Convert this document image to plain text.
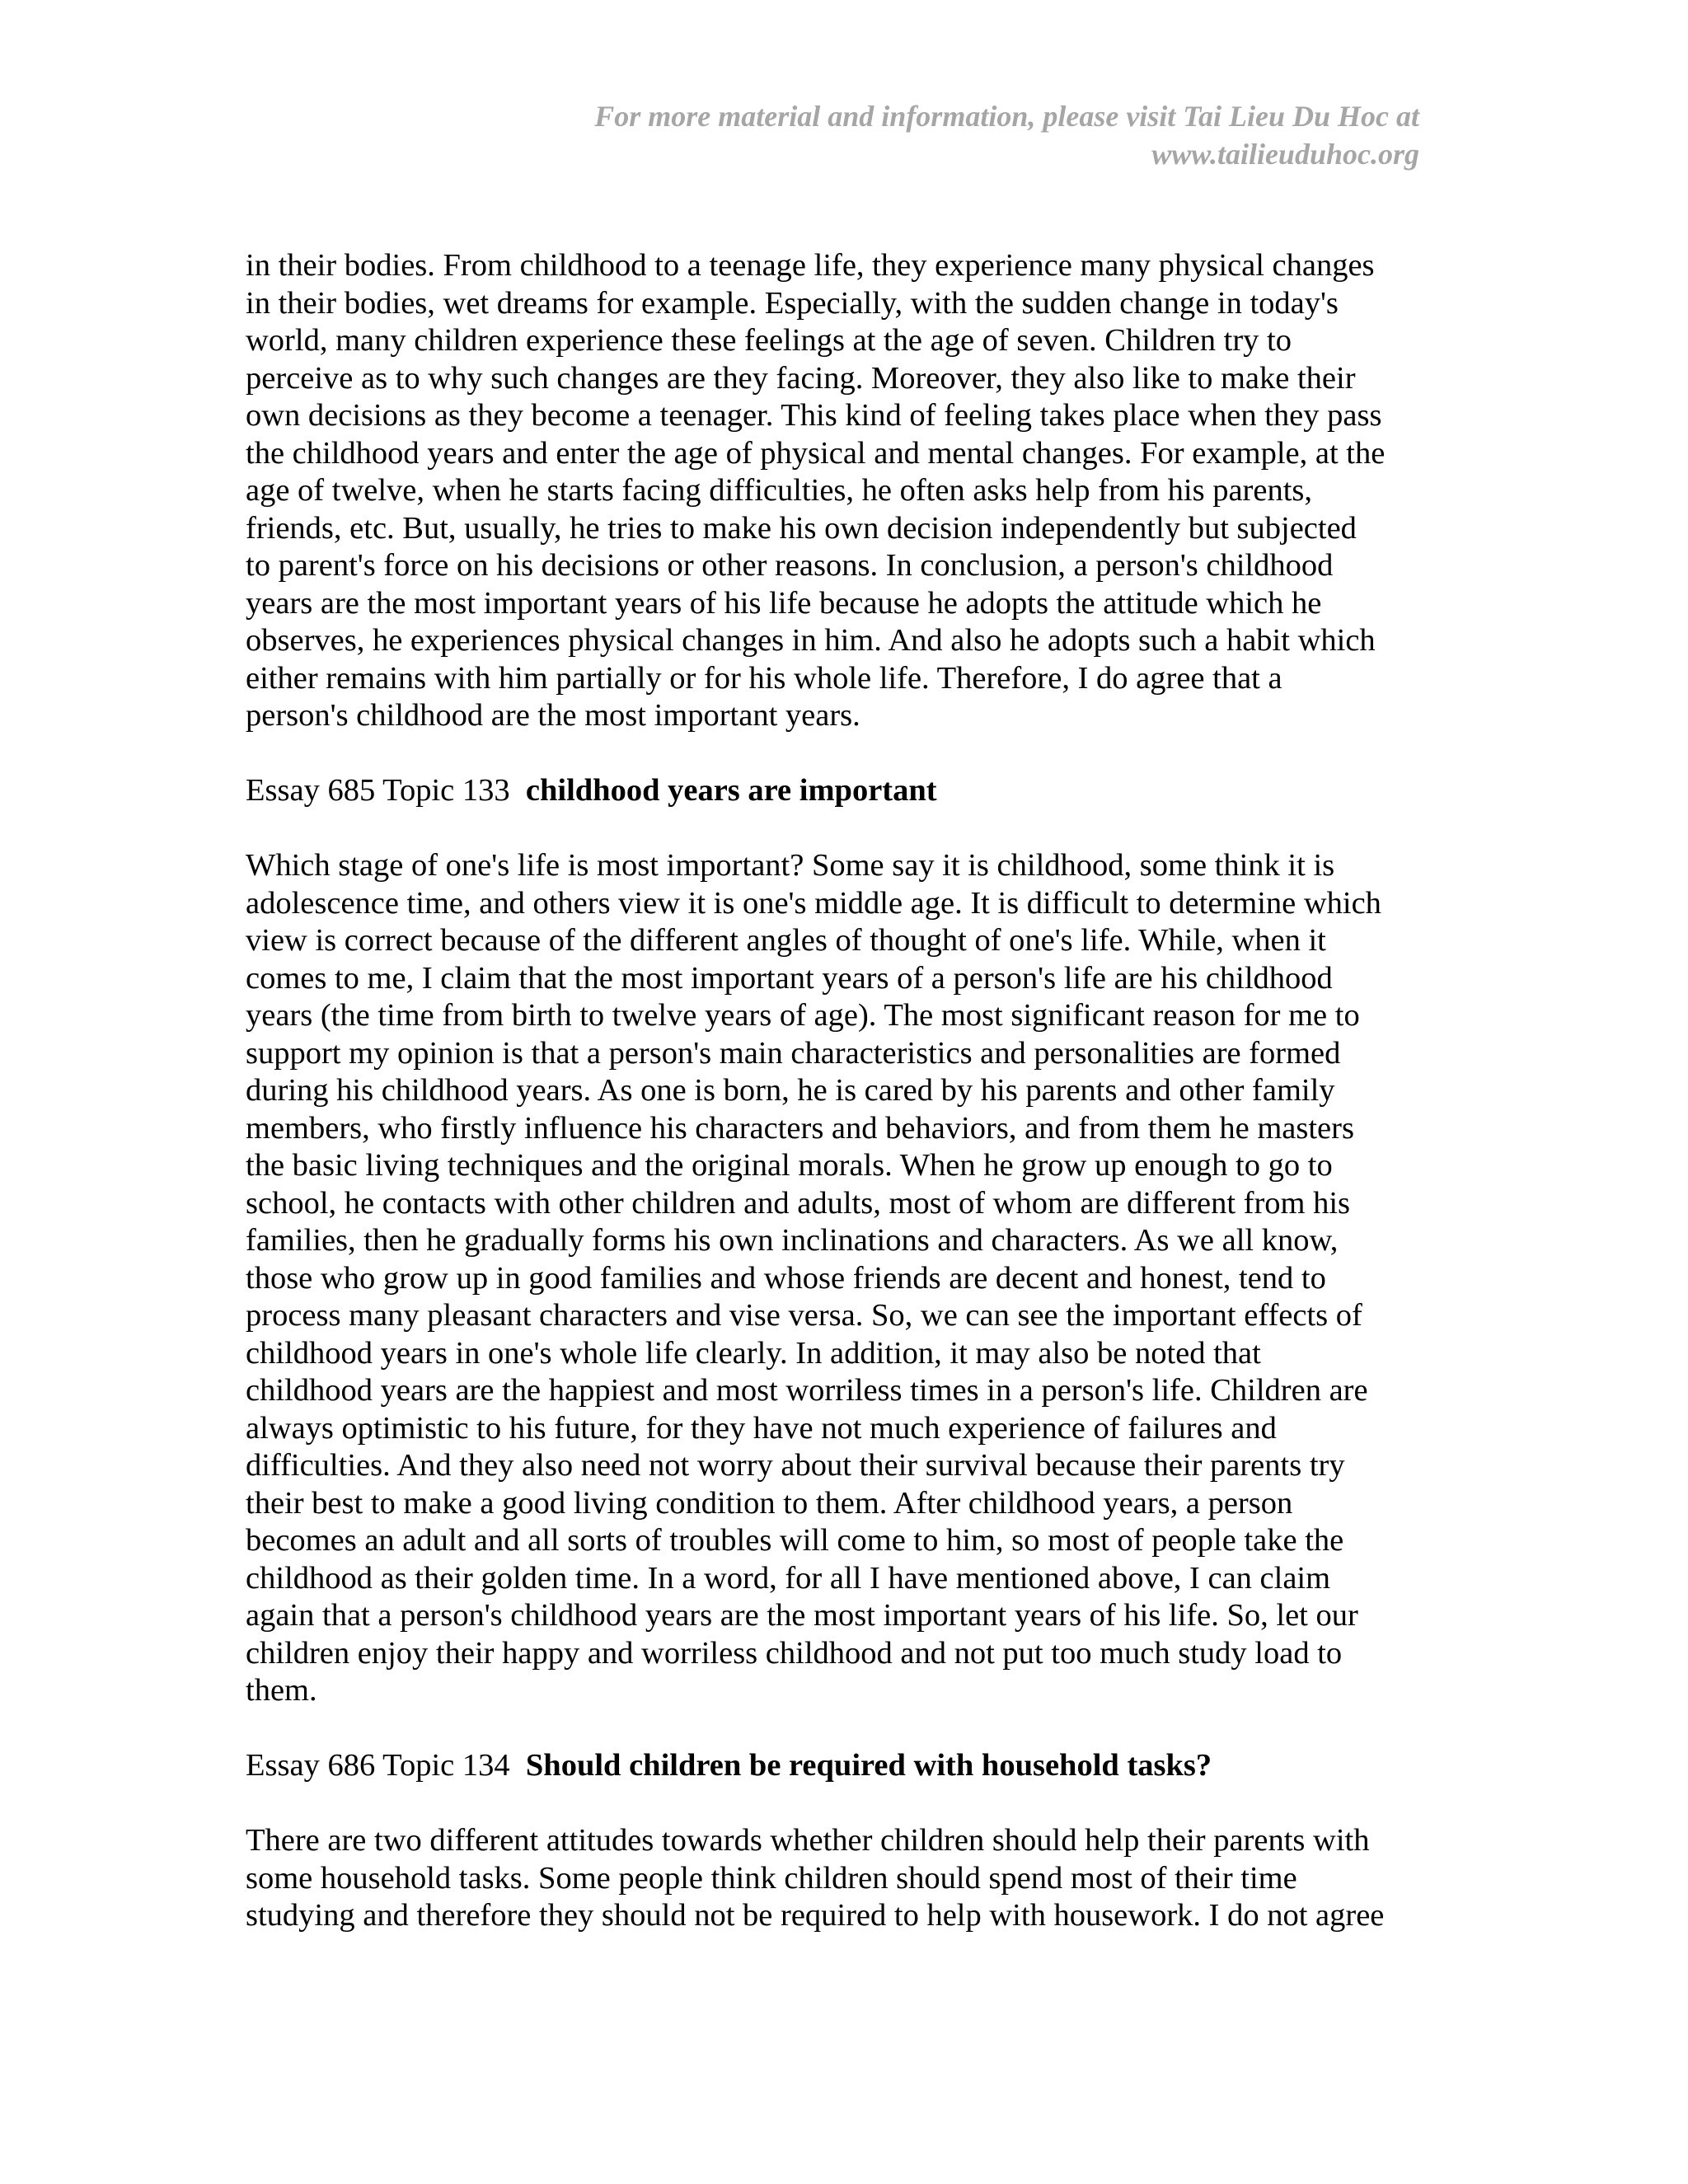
For more material and information, please visit Tai Lieu Du Hoc at
www.tailieuduhoc.org
in their bodies. From childhood to a teenage life, they experience many physical changes
in their bodies, wet dreams for example. Especially, with the sudden change in today's
world, many children experience these feelings at the age of seven. Children try to
perceive as to why such changes are they facing. Moreover, they also like to make their
own decisions as they become a teenager. This kind of feeling takes place when they pass
the childhood years and enter the age of physical and mental changes. For example, at the
age of twelve, when he starts facing difficulties, he often asks help from his parents,
friends, etc. But, usually, he tries to make his own decision independently but subjected
to parent's force on his decisions or other reasons. In conclusion, a person's childhood
years are the most important years of his life because he adopts the attitude which he
observes, he experiences physical changes in him. And also he adopts such a habit which
either remains with him partially or for his whole life. Therefore, I do agree that a
person's childhood are the most important years.
Essay 685 Topic 133 childhood years are important
Which stage of one's life is most important? Some say it is childhood, some think it is
adolescence time, and others view it is one's middle age. It is difficult to determine which
view is correct because of the different angles of thought of one's life. While, when it
comes to me, I claim that the most important years of a person's life are his childhood
years (the time from birth to twelve years of age). The most significant reason for me to
support my opinion is that a person's main characteristics and personalities are formed
during his childhood years. As one is born, he is cared by his parents and other family
members, who firstly influence his characters and behaviors, and from them he masters
the basic living techniques and the original morals. When he grow up enough to go to
school, he contacts with other children and adults, most of whom are different from his
families, then he gradually forms his own inclinations and characters. As we all know,
those who grow up in good families and whose friends are decent and honest, tend to
process many pleasant characters and vise versa. So, we can see the important effects of
childhood years in one's whole life clearly. In addition, it may also be noted that
childhood years are the happiest and most worriless times in a person's life. Children are
always optimistic to his future, for they have not much experience of failures and
difficulties. And they also need not worry about their survival because their parents try
their best to make a good living condition to them. After childhood years, a person
becomes an adult and all sorts of troubles will come to him, so most of people take the
childhood as their golden time. In a word, for all I have mentioned above, I can claim
again that a person's childhood years are the most important years of his life. So, let our
children enjoy their happy and worriless childhood and not put too much study load to
them.
Essay 686 Topic 134 Should children be required with household tasks?
There are two different attitudes towards whether children should help their parents with
some household tasks. Some people think children should spend most of their time
studying and therefore they should not be required to help with housework. I do not agree
